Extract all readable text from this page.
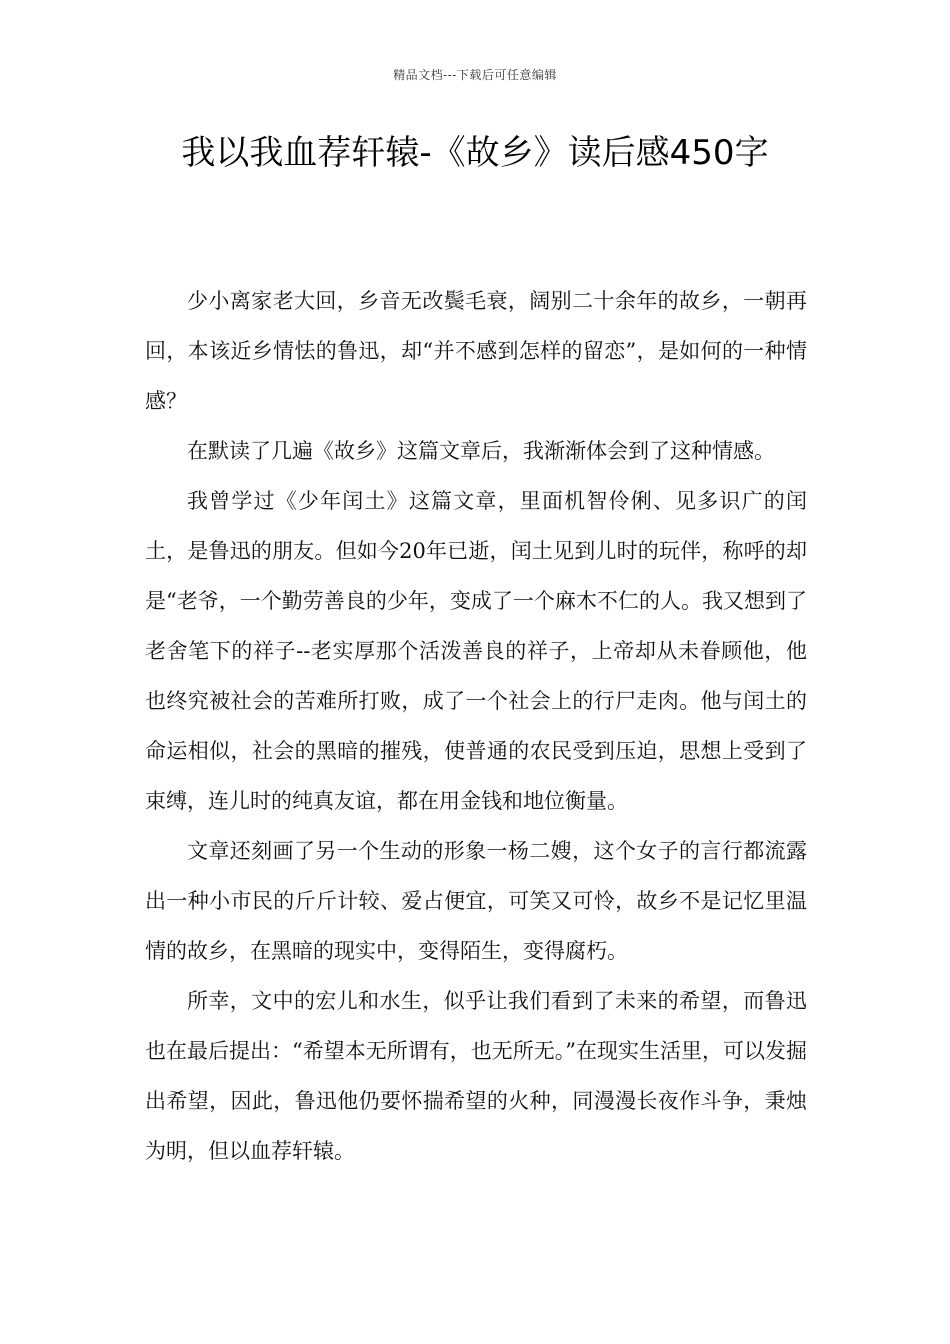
精品文档---下载后可任意编辑
我以我血荐轩辕-《故乡》读后感450字

少小离家老大回，乡音无改鬓毛衰，阔别二十余年的故乡，一朝再回，本该近乡情怯的鲁迅，却“并不感到怎样的留恋”，是如何的一种情感？

在默读了几遍《故乡》这篇文章后，我渐渐体会到了这种情感。

我曾学过《少年闰土》这篇文章，里面机智伶俐、见多识广的闰土，是鲁迅的朋友。但如今20年已逝，闰土见到儿时的玩伴，称呼的却是“老爷，一个勤劳善良的少年，变成了一个麻木不仁的人。我又想到了老舍笔下的祥子--老实厚那个活泼善良的祥子，上帝却从未眷顾他，他也终究被社会的苦难所打败，成了一个社会上的行尸走肉。他与闰土的命运相似，社会的黑暗的摧残，使普通的农民受到压迫，思想上受到了束缚，连儿时的纯真友谊，都在用金钱和地位衡量。

文章还刻画了另一个生动的形象一杨二嫂，这个女子的言行都流露出一种小市民的斤斤计较、爱占便宜，可笑又可怜，故乡不是记忆里温情的故乡，在黑暗的现实中，变得陌生，变得腐朽。

所幸，文中的宏儿和水生，似乎让我们看到了未来的希望，而鲁迅也在最后提出：“希望本无所谓有，也无所无。”在现实生活里，可以发掘出希望，因此，鲁迅他仍要怀揣希望的火种，同漫漫长夜作斗争，秉烛为明，但以血荐轩辕。
